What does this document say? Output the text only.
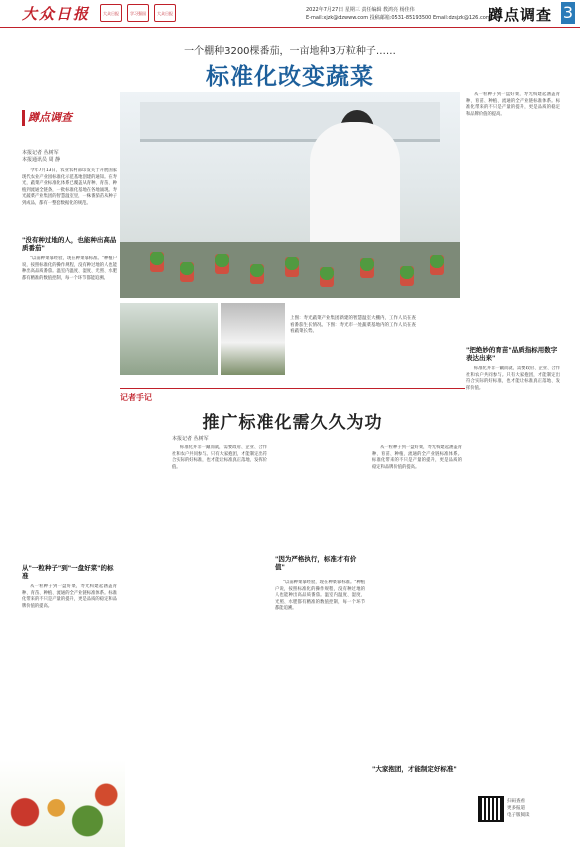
大众日报	大众日报	学习强国	大众日报
2022年7月27日 星期三 责任编辑 教鸿亮 杨佳伟
E-mail:xjzk@dzwww.com 投稿邮箱:0531-85193500 Email:dzsjzk@126.com
蹲点调查 3
一个棚种3200棵番茄，一亩地种3万粒种子……
标准化改变蔬菜
蹲点调查
本报记者 丛树军
本报通讯员 周 静

今年7月13日，农业农村部印发关于开展国家现代农业产业园标准化示范基地创建的通知。在寿光，蔬菜产业标准化体系已覆盖从育种、育苗、种植到流通全链条，一批标准化基地在各地涌现。寿光蔬菜产业集团的智慧温室里，一株番茄苗从种子到成品，都有一整套数据化的规范。

"没有种过地的人，也能种出高品质番茄"

"以前种菜靠经验，现在种菜靠标准。"种植户说，按照标准化的操作规程，没有种过地的人也能种出高品质番茄。温室内温度、湿度、光照、水肥都有精准的数值控制，每一个环节都能追溯。

从"一粒种子"到"一盘好菜"的标准

从一粒种子到一盘好菜，寿光构建起涵盖育种、育苗、种植、流通的全产业链标准体系。标准化带来的不只是产量的提升，更是品质的稳定和品牌价值的提高。

上图：寿光蔬菜产业集团新建的智慧温室大棚内，工作人员在查看番茄生长情况。下图：寿光市一处蔬菜基地内的工作人员在查看蔬菜长势。

从一粒种子到一盘好菜，寿光构建起涵盖育种、育苗、种植、流通的全产业链标准体系。标准化带来的不只是产量的提升，更是品质的稳定和品牌价值的提高。

"把绝妙的育苗"品质指标用数字表达出来"

标准化并非一蹴而就，需要政府、企业、合作社和农户共同参与。只有大家抱团，才能制定出符合实际的好标准，也才能让标准真正落地、发挥价值。

记者手记
推广标准化需久久为功
本报记者 丛树军

标准化并非一蹴而就，需要政府、企业、合作社和农户共同参与。只有大家抱团，才能制定出符合实际的好标准，也才能让标准真正落地、发挥价值。

"因为严格执行，标准才有价值"

"以前种菜靠经验，现在种菜靠标准。"种植户说，按照标准化的操作规程，没有种过地的人也能种出高品质番茄。温室内温度、湿度、光照、水肥都有精准的数值控制，每一个环节都能追溯。

"大家抱团，才能制定好标准"

从一粒种子到一盘好菜，寿光构建起涵盖育种、育苗、种植、流通的全产业链标准体系。标准化带来的不只是产量的提升，更是品质的稳定和品牌价值的提高。

扫码查看
更多报道
电子版阅读
